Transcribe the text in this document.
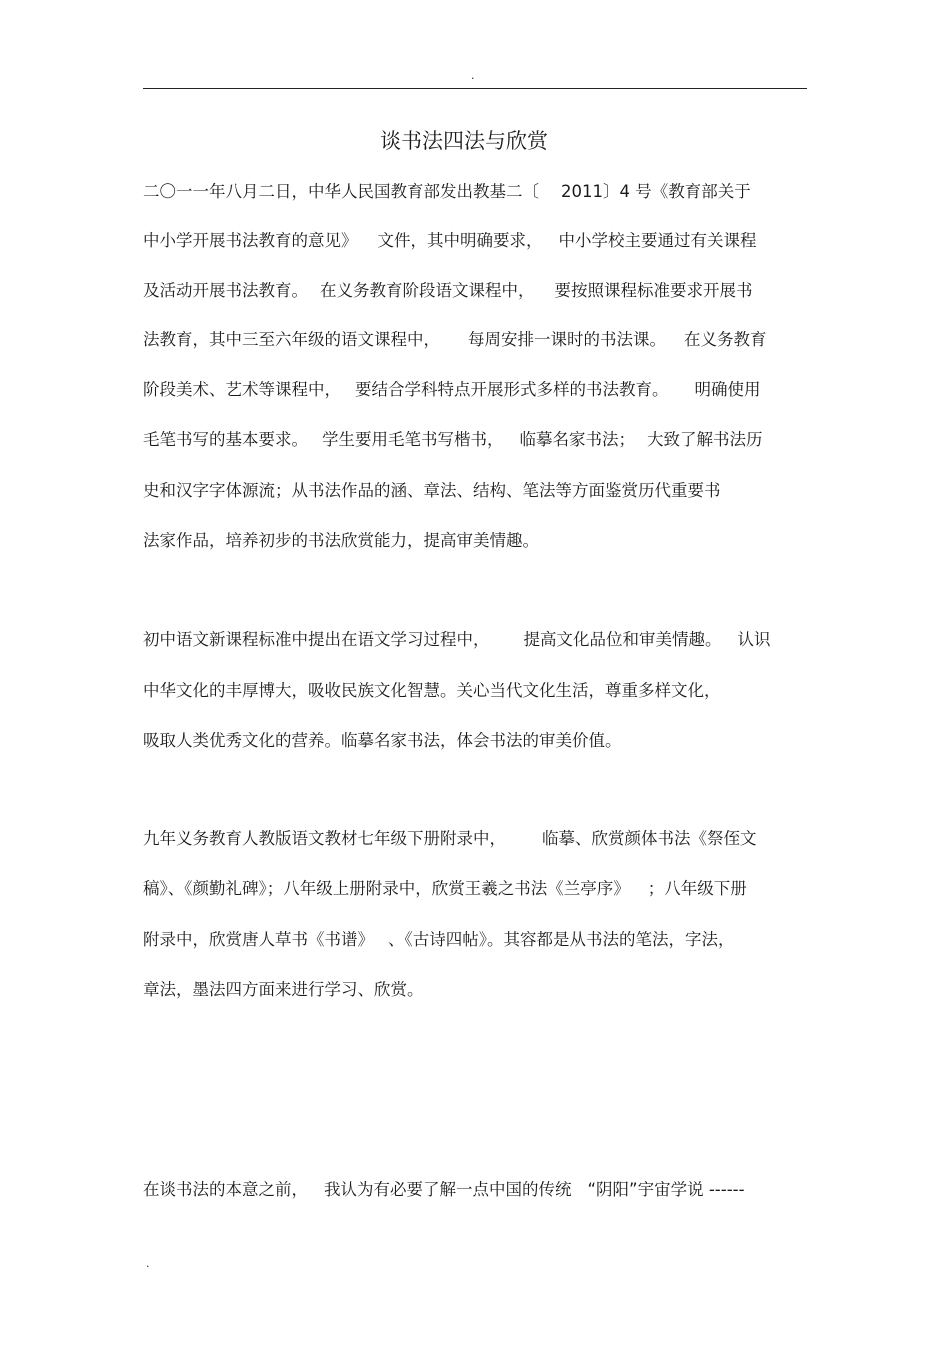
.
谈书法四法与欣赏
二〇一一年八月二日，中华人民国教育部发出教基二〔 2011〕4 号《教育部关于
中小学开展书法教育的意见》 文件，其中明确要求， 中小学校主要通过有关课程
及活动开展书法教育。 在义务教育阶段语文课程中， 要按照课程标准要求开展书
法教育，其中三至六年级的语文课程中， 每周安排一课时的书法课。 在义务教育
阶段美术、艺术等课程中， 要结合学科特点开展形式多样的书法教育。 明确使用
毛笔书写的基本要求。 学生要用毛笔书写楷书， 临摹名家书法； 大致了解书法历
史和汉字字体源流；从书法作品的涵、章法、结构、笔法等方面鉴赏历代重要书
法家作品，培养初步的书法欣赏能力，提高审美情趣。
初中语文新课程标准中提出在语文学习过程中， 提高文化品位和审美情趣。 认识
中华文化的丰厚博大，吸收民族文化智慧。关心当代文化生活，尊重多样文化，
吸取人类优秀文化的营养。临摹名家书法，体会书法的审美价值。
九年义务教育人教版语文教材七年级下册附录中， 临摹、欣赏颜体书法《祭侄文
稿》、《颜勤礼碑》；八年级上册附录中，欣赏王羲之书法《兰亭序》 ；八年级下册
附录中，欣赏唐人草书《书谱》 、《古诗四帖》。其容都是从书法的笔法，字法，
章法，墨法四方面来进行学习、欣赏。
在谈书法的本意之前， 我认为有必要了解一点中国的传统 “阴阳”宇宙学说 ------
.
